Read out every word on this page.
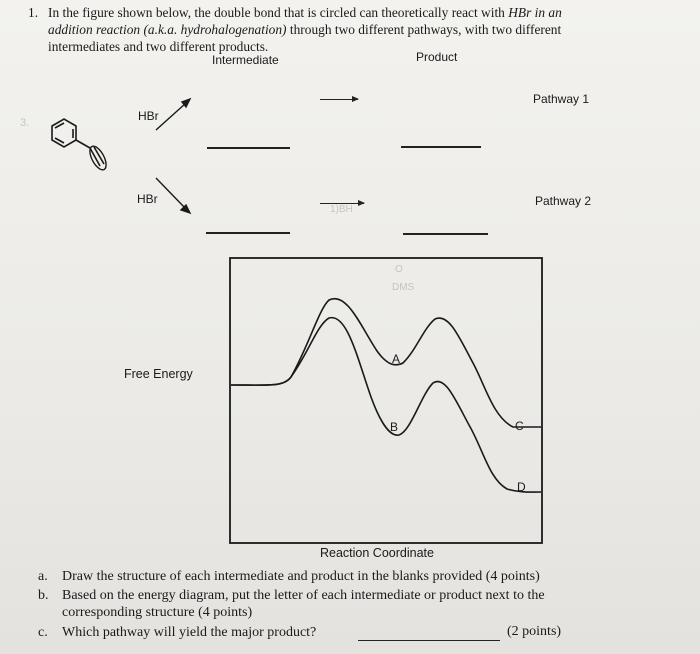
1. In the figure shown below, the double bond that is circled can theoretically react with HBr in an
addition reaction (a.k.a. hydrohalogenation) through two different pathways, with two different
intermediates and two different products.
3.
1)BH
O
DMS
Intermediate	Product
Pathway 1
Pathway 2
HBr
HBr
Free Energy
A
B	C
D
Reaction Coordinate
a. Draw the structure of each intermediate and product in the blanks provided (4 points)
b. Based on the energy diagram, put the letter of each intermediate or product next to the
corresponding structure (4 points)
c. Which pathway will yield the major product?	(2 points)
